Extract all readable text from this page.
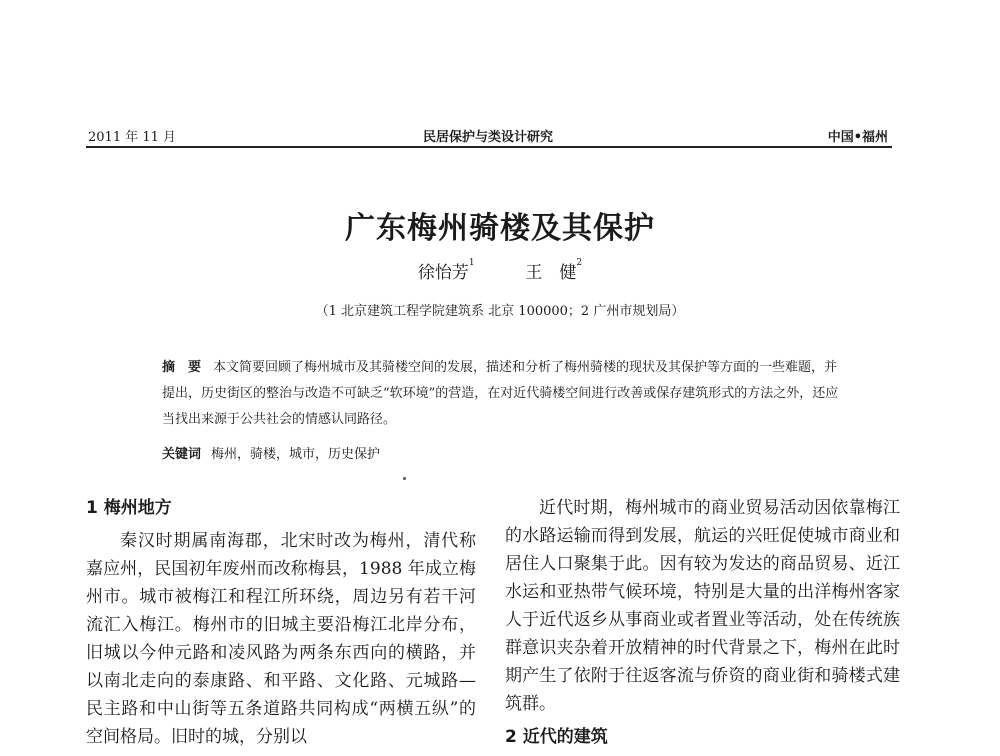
2011 年 11 月	民居保护与类设计研究	中国•福州
广东梅州骑楼及其保护
徐怡芳$^1$	王　健$^2$
（1 北京建筑工程学院建筑系 北京 100000；2 广州市规划局）
摘　要 本文简要回顾了梅州城市及其骑楼空间的发展，描述和分析了梅州骑楼的现状及其保护等方面的一些难题，并提出，历史街区的整治与改造不可缺乏“软环境”的营造，在对近代骑楼空间进行改善或保存建筑形式的方法之外，还应当找出来源于公共社会的情感认同路径。
关键词 梅州，骑楼，城市，历史保护
1 梅州地方

秦汉时期属南海郡，北宋时改为梅州，清代称嘉应州，民国初年废州而改称梅县，1988 年成立梅州市。城市被梅江和程江所环绕，周边另有若干河流汇入梅江。梅州市的旧城主要沿梅江北岸分布，旧城以今仲元路和凌风路为两条东西向的横路，并以南北走向的泰康路、和平路、文化路、元城路—民主路和中山街等五条道路共同构成“两横五纵”的空间格局。旧时的城，分别以

近代时期，梅州城市的商业贸易活动因依靠梅江的水路运输而得到发展，航运的兴旺促使城市商业和居住人口聚集于此。因有较为发达的商品贸易、近江水运和亚热带气候环境，特别是大量的出洋梅州客家人于近代返乡从事商业或者置业等活动，处在传统族群意识夹杂着开放精神的时代背景之下，梅州在此时期产生了依附于往返客流与侨资的商业街和骑楼式建筑群。

2 近代的建筑
